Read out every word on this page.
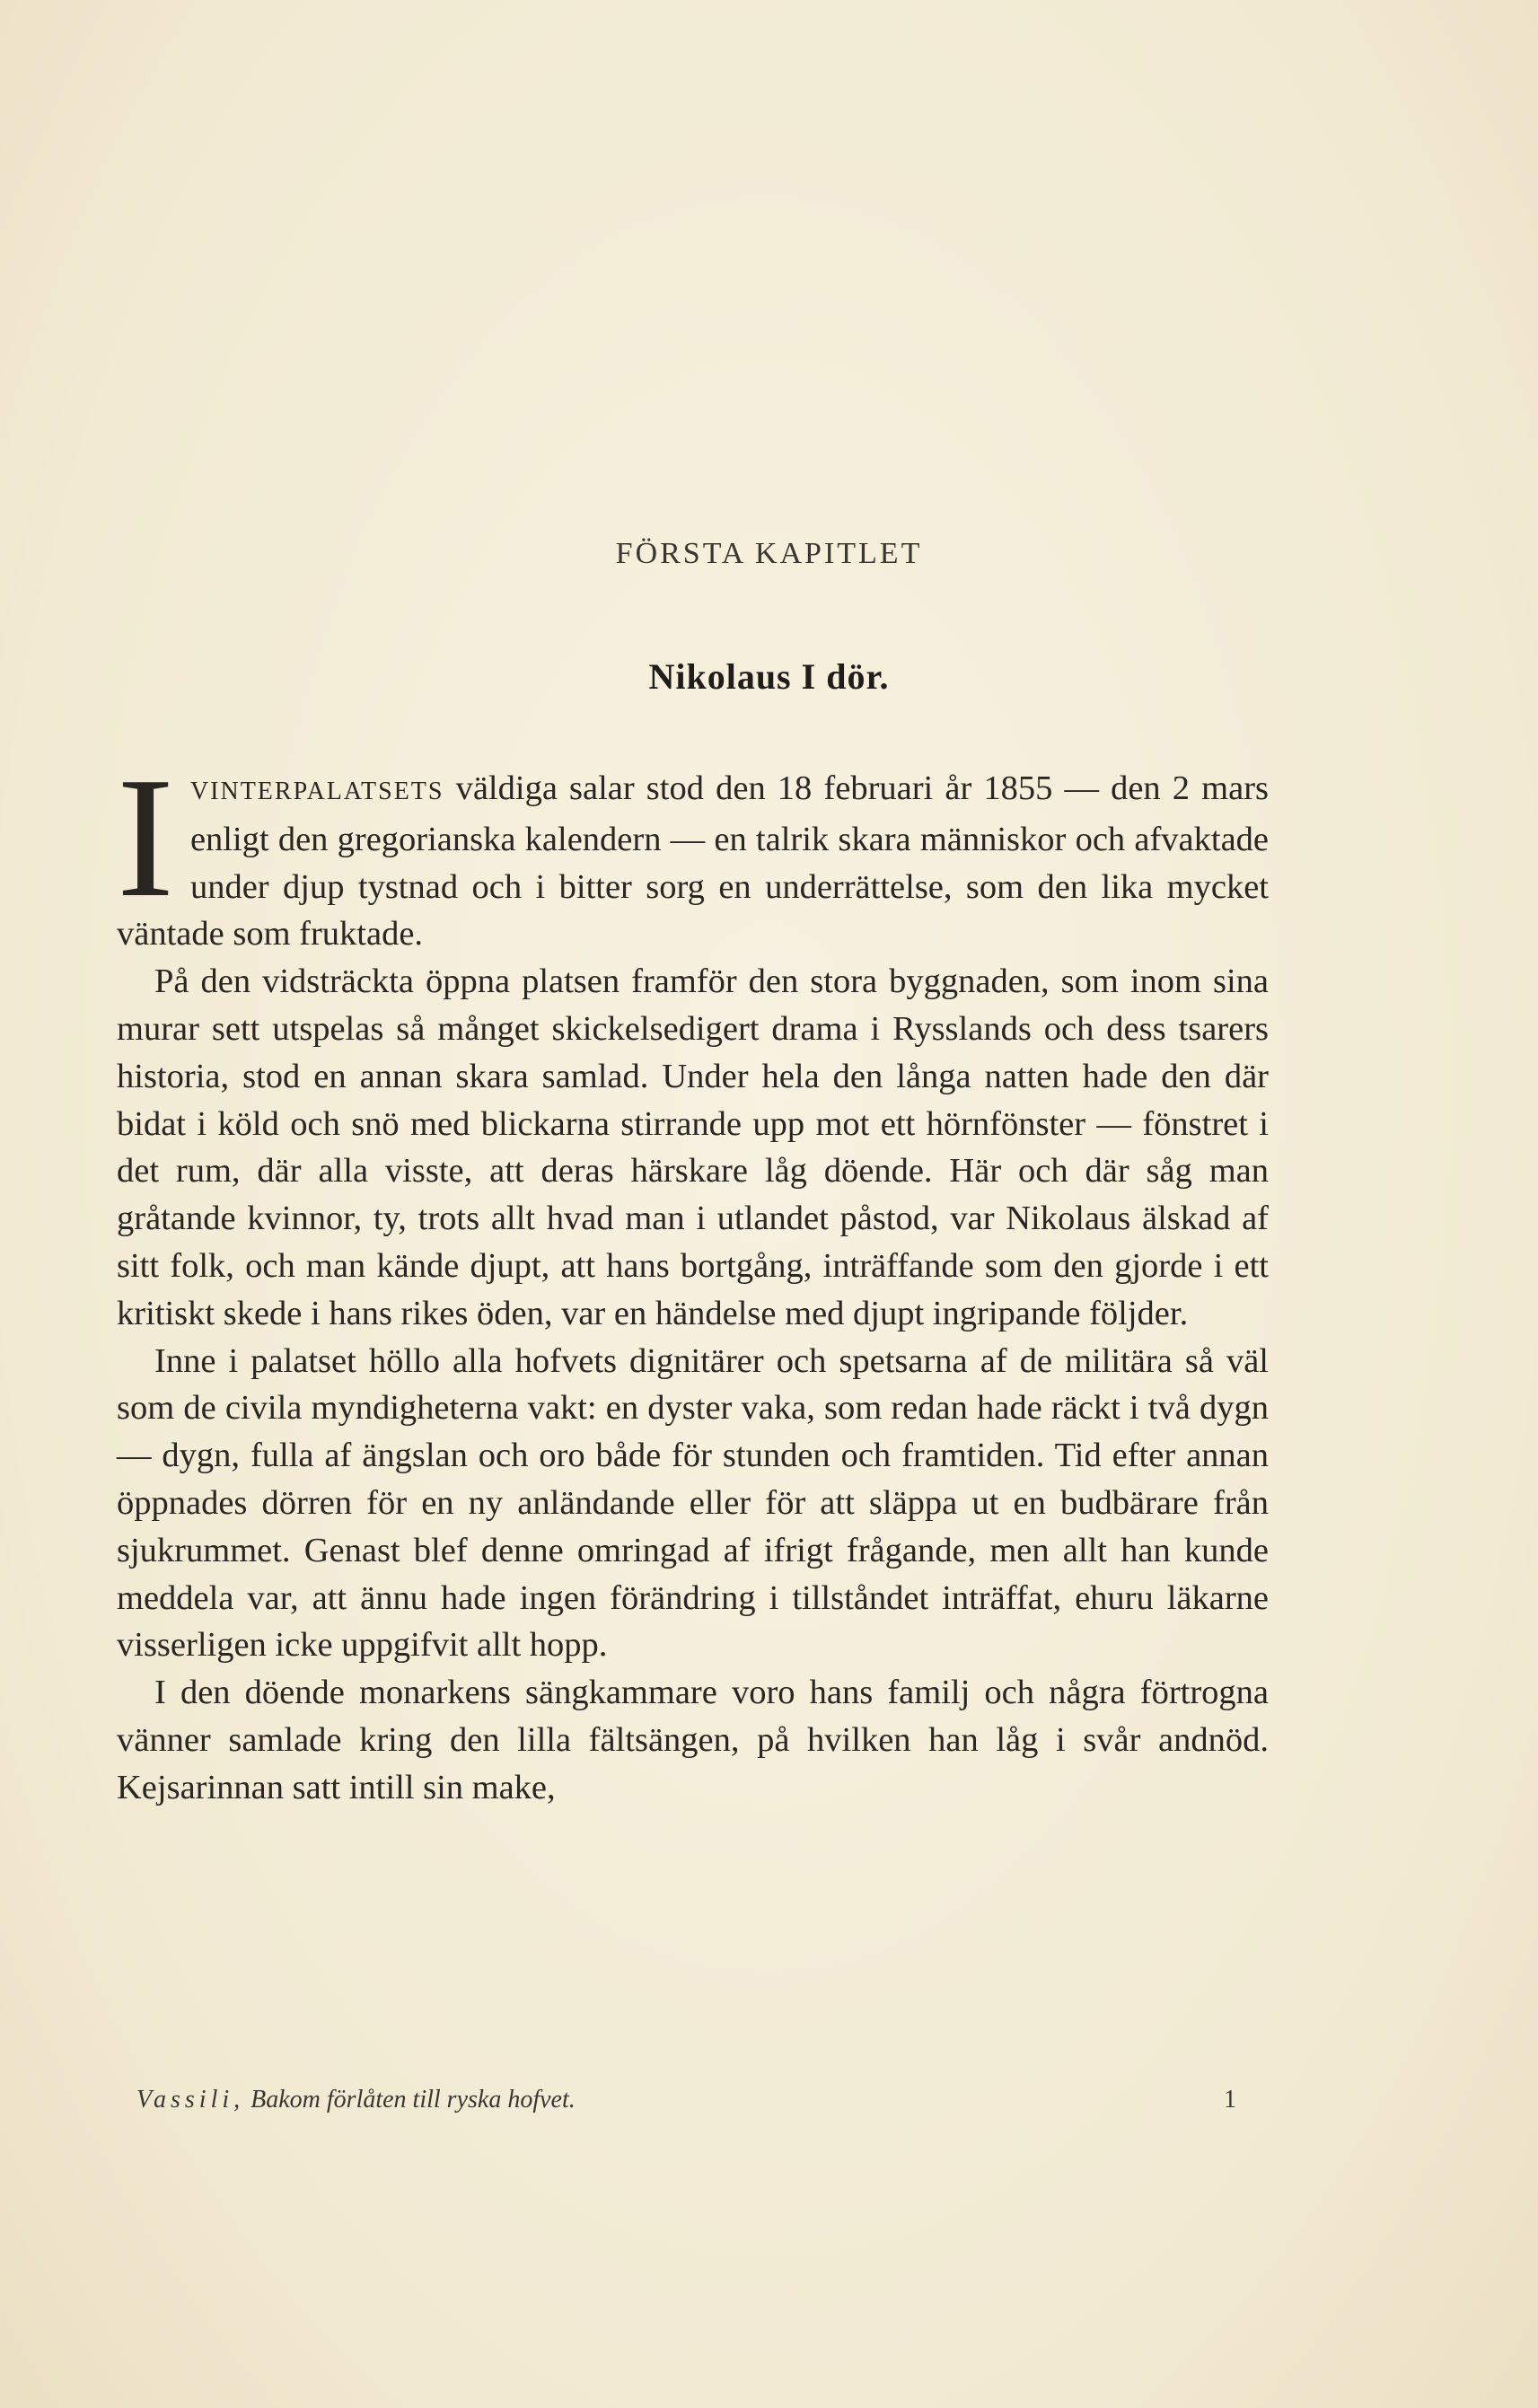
FÖRSTA KAPITLET
Nikolaus I dör.

IVINTERPALATSETS väldiga salar stod den 18 februari år 1855 — den 2 mars enligt den gregorianska kalendern — en talrik skara människor och afvaktade under djup tystnad och i bitter sorg en underrättelse, som den lika mycket väntade som fruktade.

På den vidsträckta öppna platsen framför den stora byggnaden, som inom sina murar sett utspelas så månget skickelsedigert drama i Rysslands och dess tsarers historia, stod en annan skara samlad. Under hela den långa natten hade den där bidat i köld och snö med blickarna stirrande upp mot ett hörnfönster — fönstret i det rum, där alla visste, att deras härskare låg döende. Här och där såg man gråtande kvinnor, ty, trots allt hvad man i utlandet påstod, var Nikolaus älskad af sitt folk, och man kände djupt, att hans bortgång, inträffande som den gjorde i ett kritiskt skede i hans rikes öden, var en händelse med djupt ingripande följder.

Inne i palatset höllo alla hofvets dignitärer och spetsarna af de militära så väl som de civila myndigheterna vakt: en dyster vaka, som redan hade räckt i två dygn — dygn, fulla af ängslan och oro både för stunden och framtiden. Tid efter annan öppnades dörren för en ny anländande eller för att släppa ut en budbärare från sjukrummet. Genast blef denne omringad af ifrigt frågande, men allt han kunde meddela var, att ännu hade ingen förändring i tillståndet inträffat, ehuru läkarne visserligen icke uppgifvit allt hopp.

I den döende monarkens sängkammare voro hans familj och några förtrogna vänner samlade kring den lilla fältsängen, på hvilken han låg i svår andnöd. Kejsarinnan satt intill sin make,

Vassili, Bakom förlåten till ryska hofvet.	1
